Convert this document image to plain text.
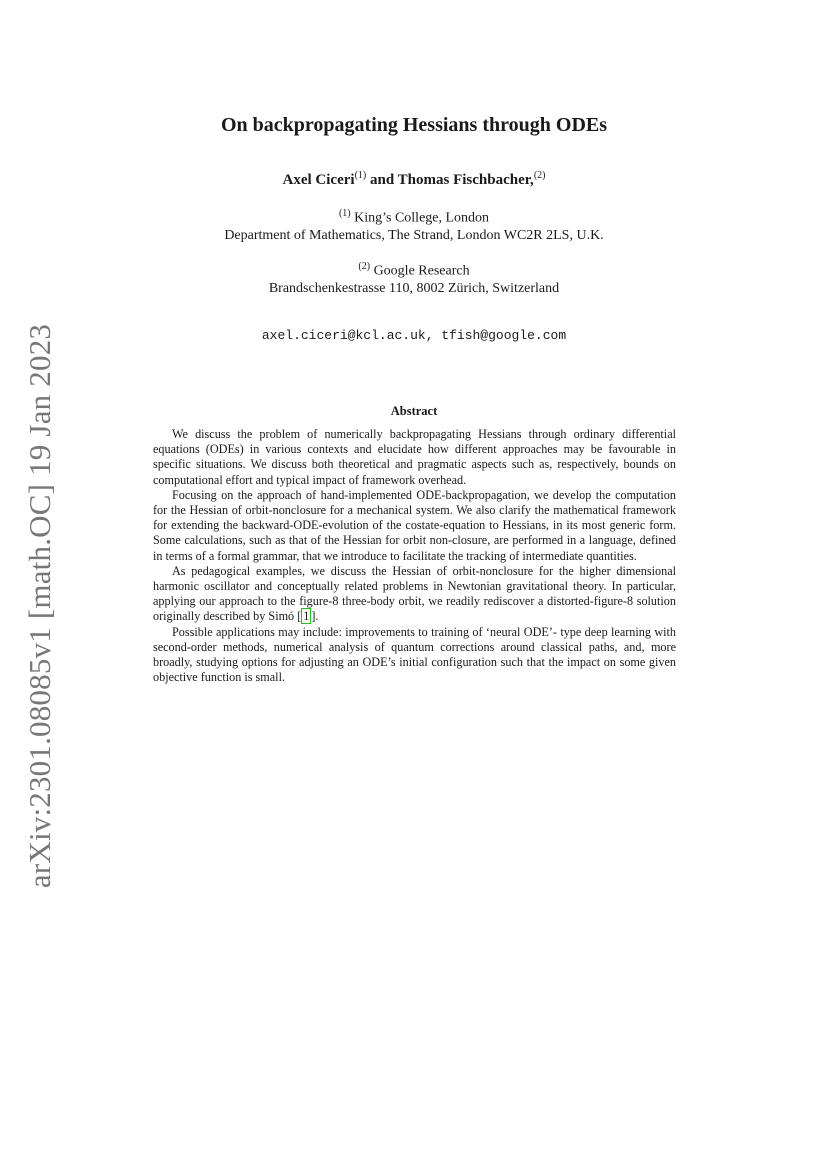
arXiv:2301.08085v1 [math.OC] 19 Jan 2023
On backpropagating Hessians through ODEs
Axel Ciceri$^{(1)}$ and Thomas Fischbacher,$^{(2)}$
$^{(1)}$ King’s College, London
Department of Mathematics, The Strand, London WC2R 2LS, U.K.
$^{(2)}$ Google Research
Brandschenkestrasse 110, 8002 Zürich, Switzerland
axel.ciceri@kcl.ac.uk, tfish@google.com
Abstract

We discuss the problem of numerically backpropagating Hessians through ordinary differential equations (ODEs) in various contexts and elucidate how different approaches may be favourable in specific situations. We discuss both theoretical and pragmatic aspects such as, respectively, bounds on computational effort and typical impact of framework overhead.

Focusing on the approach of hand-implemented ODE-backpropagation, we develop the computation for the Hessian of orbit-nonclosure for a mechanical system. We also clarify the mathematical framework for extending the backward-ODE-evolution of the costate-equation to Hessians, in its most generic form. Some calculations, such as that of the Hessian for orbit non-closure, are performed in a language, defined in terms of a formal grammar, that we introduce to facilitate the tracking of intermediate quantities.

As pedagogical examples, we discuss the Hessian of orbit-nonclosure for the higher dimensional harmonic oscillator and conceptually related problems in Newtonian gravitational theory. In particular, applying our approach to the figure-8 three-body orbit, we readily rediscover a distorted-figure-8 solution originally described by Simó [ 1 ].

Possible applications may include: improvements to training of ‘neural ODE’- type deep learning with second-order methods, numerical analysis of quantum corrections around classical paths, and, more broadly, studying options for adjusting an ODE’s initial configuration such that the impact on some given objective function is small.
